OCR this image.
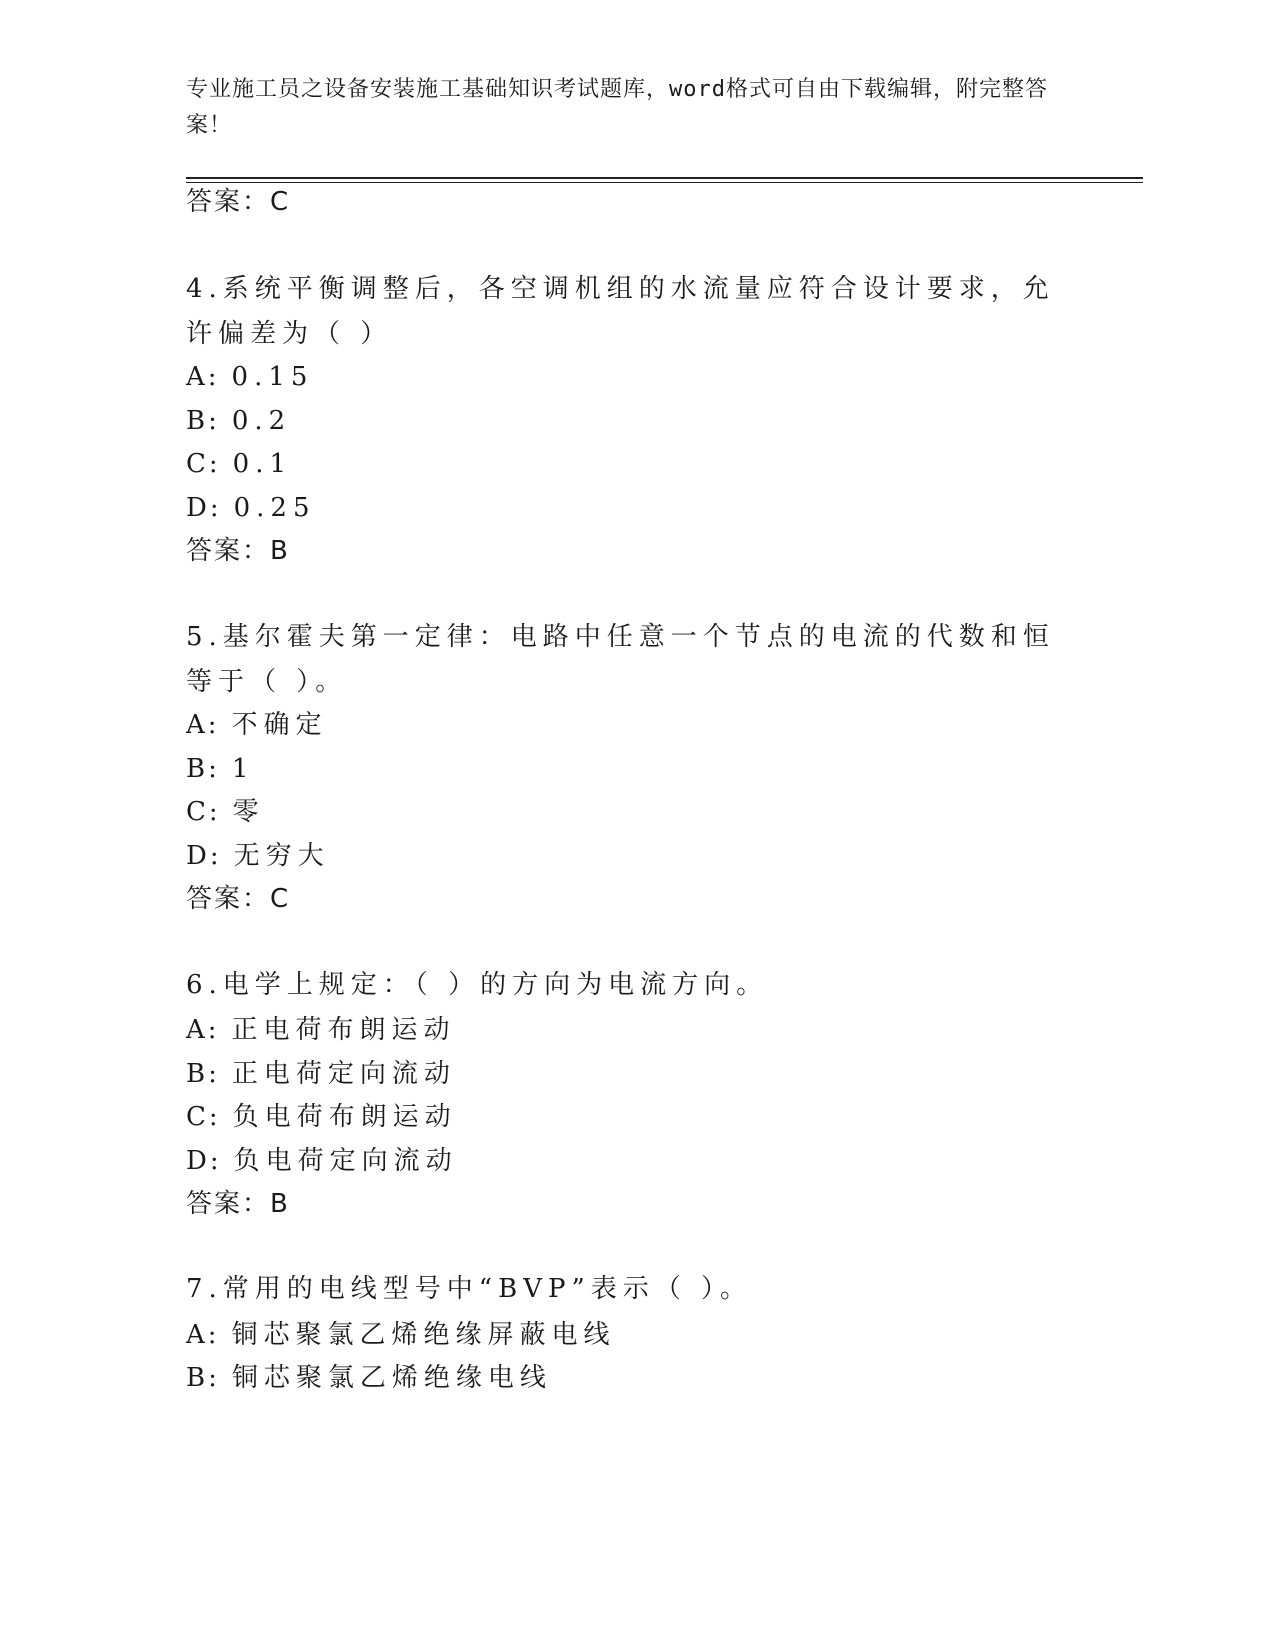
专业施工员之设备安装施工基础知识考试题库，word格式可自由下载编辑，附完整答案！
答案：C
4.系统平衡调整后，各空调机组的水流量应符合设计要求，允许偏差为（ ）
A: 0.15
B: 0.2
C: 0.1
D: 0.25
答案：B
5.基尔霍夫第一定律：电路中任意一个节点的电流的代数和恒等于（ ）。
A: 不确定
B: 1
C: 零
D: 无穷大
答案：C
6.电学上规定：（ ）的方向为电流方向。
A: 正电荷布朗运动
B: 正电荷定向流动
C: 负电荷布朗运动
D: 负电荷定向流动
答案：B
7.常用的电线型号中“BVP”表示（ ）。
A: 铜芯聚氯乙烯绝缘屏蔽电线
B: 铜芯聚氯乙烯绝缘电线
